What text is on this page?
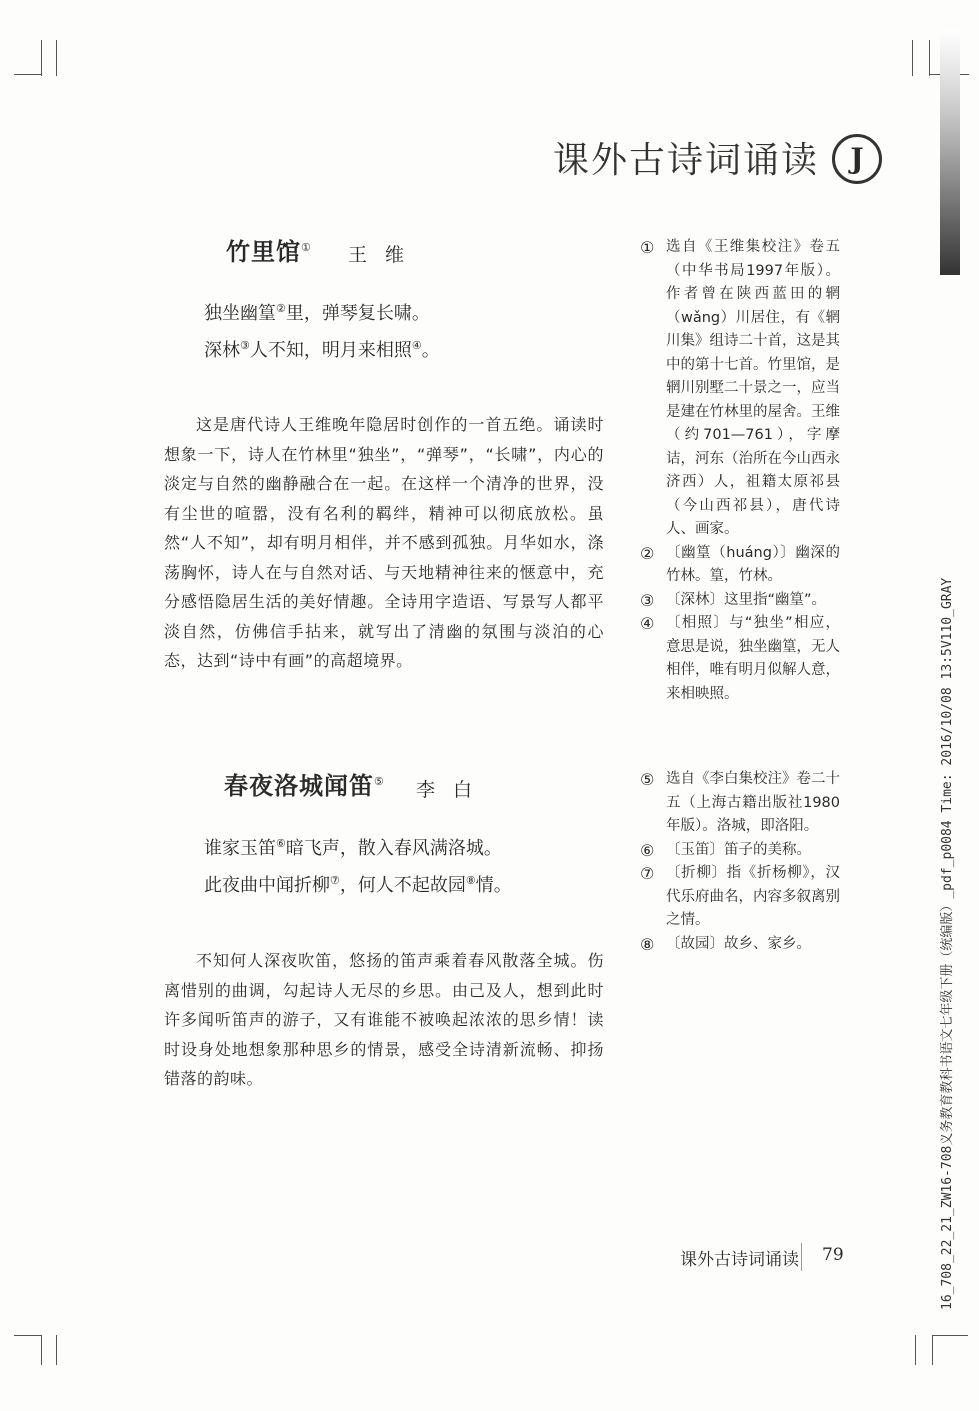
课外古诗词诵读	J
竹里馆① 王维
独坐幽篁②里，弹琴复长啸。
深林③人不知，明月来相照④。

这是唐代诗人王维晚年隐居时创作的一首五绝。诵读时想象一下，诗人在竹林里“独坐”，“弹琴”，“长啸”，内心的淡定与自然的幽静融合在一起。在这样一个清净的世界，没有尘世的喧嚣，没有名利的羁绊，精神可以彻底放松。虽然“人不知”，却有明月相伴，并不感到孤独。月华如水，涤荡胸怀，诗人在与自然对话、与天地精神往来的惬意中，充分感悟隐居生活的美好情趣。全诗用字造语、写景写人都平淡自然，仿佛信手拈来，就写出了清幽的氛围与淡泊的心态，达到“诗中有画”的高超境界。

① 选自《王维集校注》卷五（中华书局1997年版）。作者曾在陕西蓝田的辋（wǎng）川居住，有《辋川集》组诗二十首，这是其中的第十七首。竹里馆，是辋川别墅二十景之一，应当是建在竹林里的屋舍。王维（约701—761），字摩诘，河东（治所在今山西永济西）人，祖籍太原祁县（今山西祁县），唐代诗人、画家。
② 〔幽篁（huáng）〕幽深的竹林。篁，竹林。
③ 〔深林〕这里指“幽篁”。
④ 〔相照〕与“独坐”相应，意思是说，独坐幽篁，无人相伴，唯有明月似解人意，来相映照。
春夜洛城闻笛⑤ 李白
谁家玉笛⑥暗飞声，散入春风满洛城。
此夜曲中闻折柳⑦，何人不起故园⑧情。

不知何人深夜吹笛，悠扬的笛声乘着春风散落全城。伤离惜别的曲调，勾起诗人无尽的乡思。由己及人，想到此时许多闻听笛声的游子，又有谁能不被唤起浓浓的思乡情！读时设身处地想象那种思乡的情景，感受全诗清新流畅、抑扬错落的韵味。

⑤ 选自《李白集校注》卷二十五（上海古籍出版社1980年版）。洛城，即洛阳。
⑥ 〔玉笛〕笛子的美称。
⑦ 〔折柳〕指《折杨柳》，汉代乐府曲名，内容多叙离别之情。
⑧ 〔故园〕故乡、家乡。
课外古诗词诵读 79	16_708_22_21_ZW16-708义务教育教科书语文七年级下册（统编版）_pdf_p0084 Time: 2016/10/08 13:5V110_GRAY
